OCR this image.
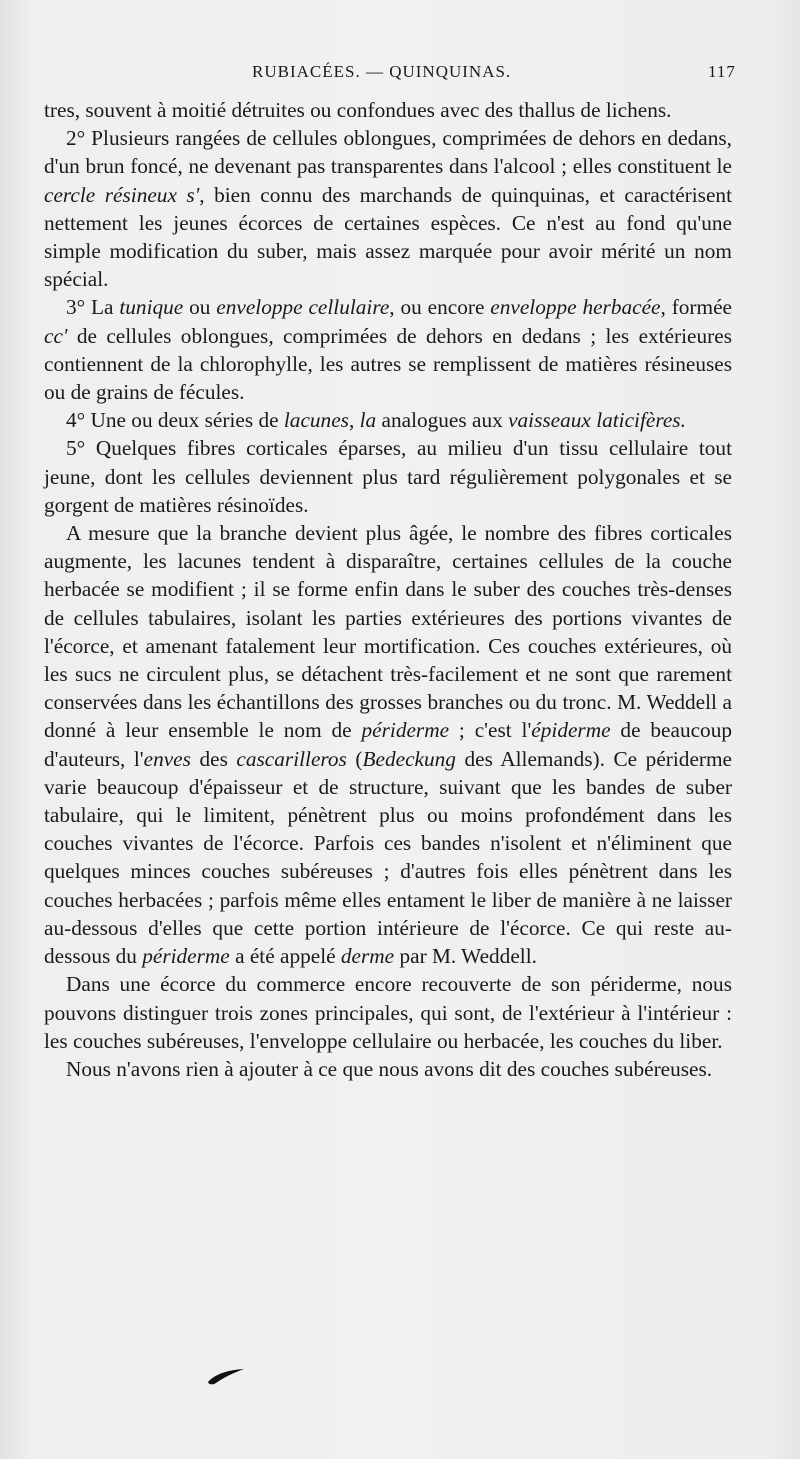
RUBIACÉES. — QUINQUINAS.	117

tres, souvent à moitié détruites ou confondues avec des thallus de lichens.

2° Plusieurs rangées de cellules oblongues, comprimées de dehors en dedans, d'un brun foncé, ne devenant pas transparentes dans l'alcool ; elles constituent le cercle résineux s', bien connu des marchands de quinquinas, et caractérisent nettement les jeunes écorces de certaines espèces. Ce n'est au fond qu'une simple modification du suber, mais assez marquée pour avoir mérité un nom spécial.

3° La tunique ou enveloppe cellulaire, ou encore enveloppe herbacée, formée cc' de cellules oblongues, comprimées de dehors en dedans ; les extérieures contiennent de la chlorophylle, les autres se remplissent de matières résineuses ou de grains de fécules.

4° Une ou deux séries de lacunes, la analogues aux vaisseaux laticifères.

5° Quelques fibres corticales éparses, au milieu d'un tissu cellulaire tout jeune, dont les cellules deviennent plus tard régulièrement polygonales et se gorgent de matières résinoïdes.

A mesure que la branche devient plus âgée, le nombre des fibres corticales augmente, les lacunes tendent à disparaître, certaines cellules de la couche herbacée se modifient ; il se forme enfin dans le suber des couches très-denses de cellules tabulaires, isolant les parties extérieures des portions vivantes de l'écorce, et amenant fatalement leur mortification. Ces couches extérieures, où les sucs ne circulent plus, se détachent très-facilement et ne sont que rarement conservées dans les échantillons des grosses branches ou du tronc. M. Weddell a donné à leur ensemble le nom de périderme ; c'est l'épiderme de beaucoup d'auteurs, l'enves des cascarilleros (Bedeckung des Allemands). Ce périderme varie beaucoup d'épaisseur et de structure, suivant que les bandes de suber tabulaire, qui le limitent, pénètrent plus ou moins profondément dans les couches vivantes de l'écorce. Parfois ces bandes n'isolent et n'éliminent que quelques minces couches subéreuses ; d'autres fois elles pénètrent dans les couches herbacées ; parfois même elles entament le liber de manière à ne laisser au-dessous d'elles que cette portion intérieure de l'écorce. Ce qui reste au-dessous du périderme a été appelé derme par M. Weddell.

Dans une écorce du commerce encore recouverte de son périderme, nous pouvons distinguer trois zones principales, qui sont, de l'extérieur à l'intérieur : les couches subéreuses, l'enveloppe cellulaire ou herbacée, les couches du liber.

Nous n'avons rien à ajouter à ce que nous avons dit des couches subéreuses.
